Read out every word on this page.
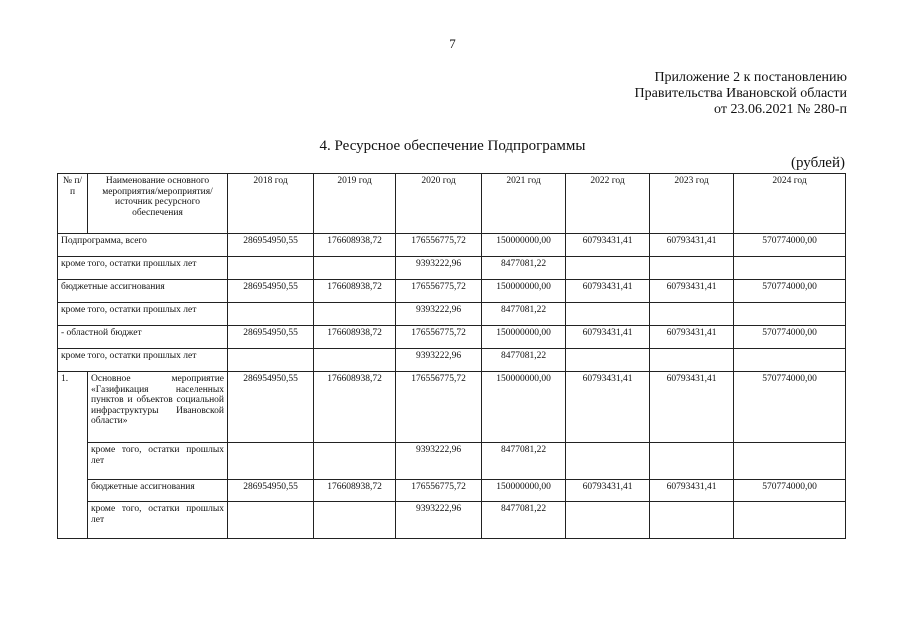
7
Приложение 2 к постановлению
Правительства Ивановской области
от 23.06.2021 № 280-п
4. Ресурсное обеспечение Подпрограммы
(рублей)
№ п/п	Наименование основного мероприятия/мероприятия/ источник ресурсного обеспечения	2018 год	2019 год	2020 год	2021 год	2022 год	2023 год	2024 год
Подпрограмма, всего		286954950,55	176608938,72	176556775,72	150000000,00	60793431,41	60793431,41	570774000,00
кроме того, остатки прошлых лет				9393222,96	8477081,22			
бюджетные ассигнования		286954950,55	176608938,72	176556775,72	150000000,00	60793431,41	60793431,41	570774000,00
кроме того, остатки прошлых лет				9393222,96	8477081,22			
- областной бюджет		286954950,55	176608938,72	176556775,72	150000000,00	60793431,41	60793431,41	570774000,00
кроме того, остатки прошлых лет				9393222,96	8477081,22			
1.	Основное мероприятие «Газификация населенных пунктов и объектов социальной инфраструктуры Ивановской области»	286954950,55	176608938,72	176556775,72	150000000,00	60793431,41	60793431,41	570774000,00
	кроме того, остатки прошлых лет			9393222,96	8477081,22			
	бюджетные ассигнования	286954950,55	176608938,72	176556775,72	150000000,00	60793431,41	60793431,41	570774000,00
	кроме того, остатки прошлых лет			9393222,96	8477081,22			
